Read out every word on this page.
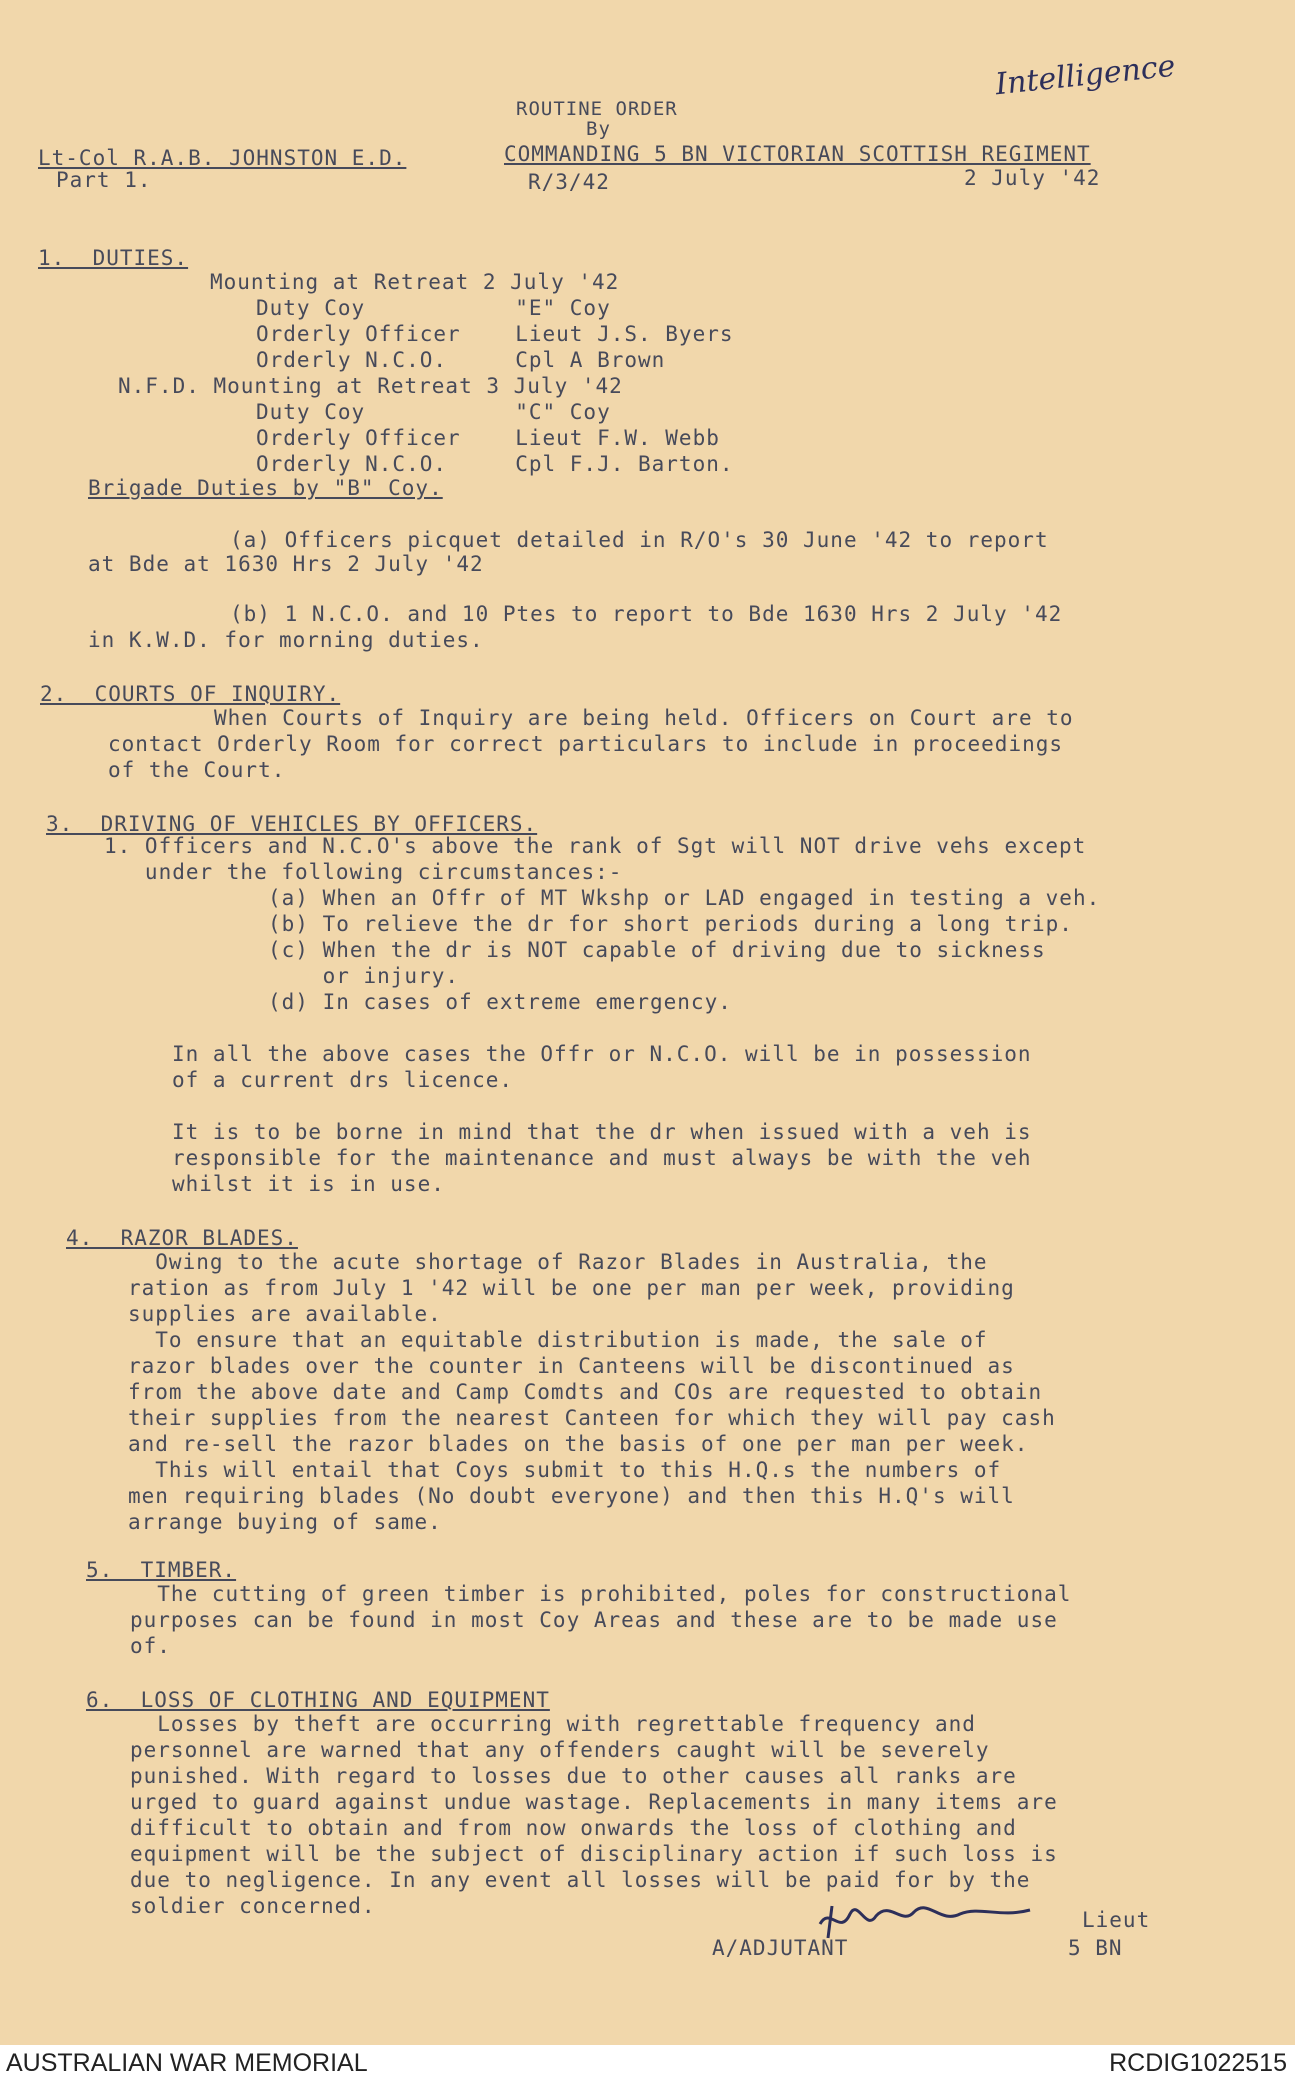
ROUTINE ORDER
By
Lt-Col R.A.B. JOHNSTON E.D.	COMMANDING 5 BN VICTORIAN SCOTTISH REGIMENT
Part 1.	R/3/42	2 July '42
Intelligence
1.  DUTIES.
Mounting at Retreat 2 July '42
Duty Coy           "E" Coy
Orderly Officer    Lieut J.S. Byers
Orderly N.C.O.     Cpl A Brown
N.F.D. Mounting at Retreat 3 July '42
Duty Coy           "C" Coy
Orderly Officer    Lieut F.W. Webb
Orderly N.C.O.     Cpl F.J. Barton.
Brigade Duties by "B" Coy.
(a) Officers picquet detailed in R/O's 30 June '42 to report
at Bde at 1630 Hrs 2 July '42
(b) 1 N.C.O. and 10 Ptes to report to Bde 1630 Hrs 2 July '42
in K.W.D. for morning duties.
2.  COURTS OF INQUIRY.
When Courts of Inquiry are being held. Officers on Court are to
contact Orderly Room for correct particulars to include in proceedings
of the Court.
3.  DRIVING OF VEHICLES BY OFFICERS.
1. Officers and N.C.O's above the rank of Sgt will NOT drive vehs except
under the following circumstances:-
(a) When an Offr of MT Wkshp or LAD engaged in testing a veh.
(b) To relieve the dr for short periods during a long trip.
(c) When the dr is NOT capable of driving due to sickness
or injury.
(d) In cases of extreme emergency.
In all the above cases the Offr or N.C.O. will be in possession
of a current drs licence.
It is to be borne in mind that the dr when issued with a veh is
responsible for the maintenance and must always be with the veh
whilst it is in use.
4.  RAZOR BLADES.
Owing to the acute shortage of Razor Blades in Australia, the
ration as from July 1 '42 will be one per man per week, providing
supplies are available.
To ensure that an equitable distribution is made, the sale of
razor blades over the counter in Canteens will be discontinued as
from the above date and Camp Comdts and COs are requested to obtain
their supplies from the nearest Canteen for which they will pay cash
and re-sell the razor blades on the basis of one per man per week.
This will entail that Coys submit to this H.Q.s the numbers of
men requiring blades (No doubt everyone) and then this H.Q's will
arrange buying of same.
5.  TIMBER.
The cutting of green timber is prohibited, poles for constructional
purposes can be found in most Coy Areas and these are to be made use
of.
6.  LOSS OF CLOTHING AND EQUIPMENT
Losses by theft are occurring with regrettable frequency and
personnel are warned that any offenders caught will be severely
punished. With regard to losses due to other causes all ranks are
urged to guard against undue wastage. Replacements in many items are
difficult to obtain and from now onwards the loss of clothing and
equipment will be the subject of disciplinary action if such loss is
due to negligence. In any event all losses will be paid for by the
soldier concerned.
Lieut
A/ADJUTANT	5 BN
AUSTRALIAN WAR MEMORIAL	RCDIG1022515
